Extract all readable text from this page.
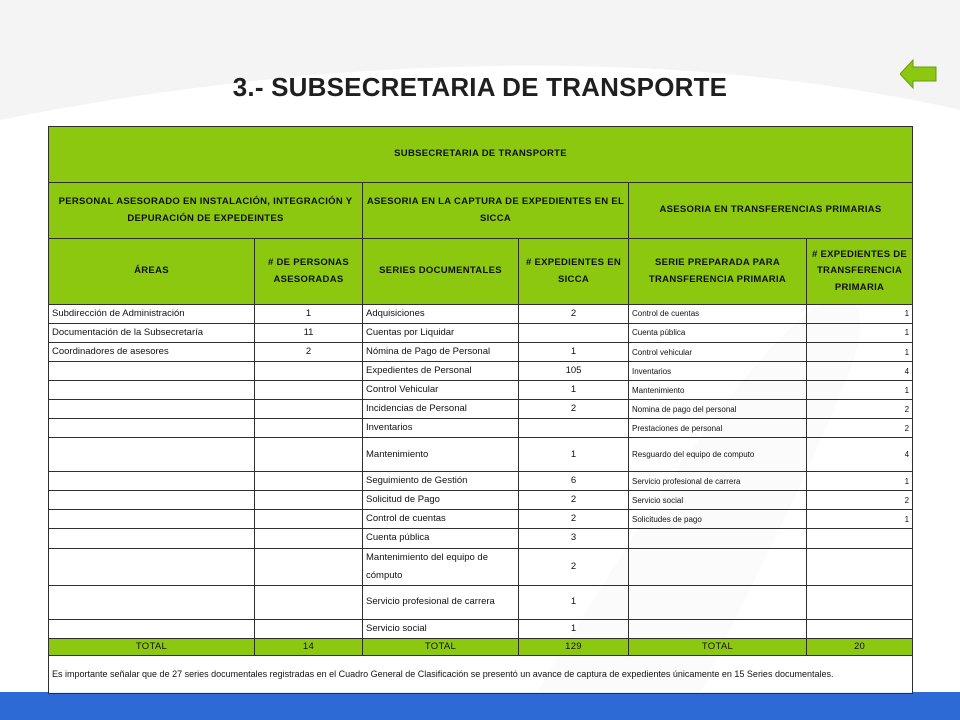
3.- SUBSECRETARIA DE TRANSPORTE
SUBSECRETARIA DE TRANSPORTE					
PERSONAL ASESORADO EN INSTALACIÓN, INTEGRACIÓN Y DEPURACIÓN DE EXPEDEINTES		ASESORIA EN LA CAPTURA DE EXPEDIENTES EN EL SICCA		ASESORIA EN TRANSFERENCIAS PRIMARIAS	
ÁREAS	# DE PERSONAS ASESORADAS	SERIES DOCUMENTALES	# EXPEDIENTES EN SICCA	SERIE PREPARADA PARA TRANSFERENCIA PRIMARIA	# EXPEDIENTES DE TRANSFERENCIA PRIMARIA
Subdirección de Administración	1	Adquisiciones	2	Control de cuentas	1
Documentación de la Subsecretaría	11	Cuentas por Liquidar		Cuenta pública	1
Coordinadores de asesores	2	Nómina de Pago de Personal	1	Control vehicular	1
		Expedientes de Personal	105	Inventarios	4
		Control Vehicular	1	Mantenimiento	1
		Incidencias de Personal	2	Nomina de pago del personal	2
		Inventarios		Prestaciones de personal	2
		Mantenimiento	1	Resguardo del equipo de computo	4
		Seguimiento de Gestión	6	Servicio profesional de carrera	1
		Solicitud de Pago	2	Servicio social	2
		Control de cuentas	2	Solicitudes de pago	1
		Cuenta pública	3		
		Mantenimiento del equipo de cómputo	2		
		Servicio profesional de carrera	1		
		Servicio social	1		
TOTAL	14	TOTAL	129	TOTAL	20
Es importante señalar que de 27 series documentales registradas en el Cuadro General de Clasificación se presentó un avance de captura de expedientes únicamente en 15 Series documentales.					
